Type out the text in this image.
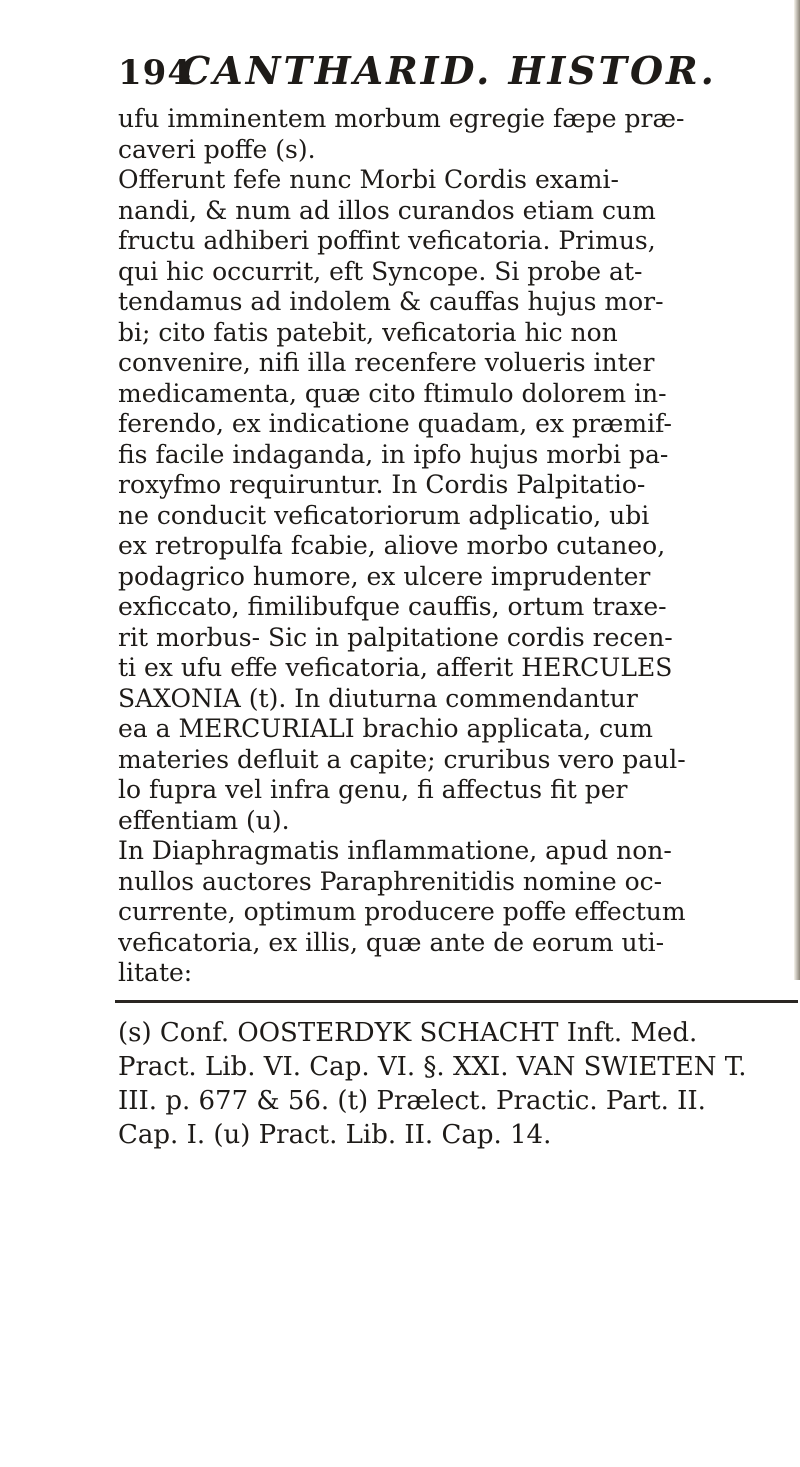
194CANTHARID. HISTOR.
ufu imminentem morbum egregie fæpe præ-
caveri poffe (s).
Offerunt fefe nunc Morbi Cordis exami-
nandi, & num ad illos curandos etiam cum
fructu adhiberi poffint veficatoria. Primus,
qui hic occurrit, eft Syncope. Si probe at-
tendamus ad indolem & cauffas hujus mor-
bi; cito fatis patebit, veficatoria hic non
convenire, nifi illa recenfere volueris inter
medicamenta, quæ cito ftimulo dolorem in-
ferendo, ex indicatione quadam, ex præmif-
fis facile indaganda, in ipfo hujus morbi pa-
roxyfmo requiruntur. In Cordis Palpitatio-
ne conducit veficatoriorum adplicatio, ubi
ex retropulfa fcabie, aliove morbo cutaneo,
podagrico humore, ex ulcere imprudenter
exficcato, fimilibufque cauffis, ortum traxe-
rit morbus- Sic in palpitatione cordis recen-
ti ex ufu effe veficatoria, afferit HERCULES
SAXONIA (t). In diuturna commendantur
ea a MERCURIALI brachio applicata, cum
materies defluit a capite; cruribus vero paul-
lo fupra vel infra genu, fi affectus fit per
effentiam (u).
In Diaphragmatis inflammatione, apud non-
nullos auctores Paraphrenitidis nomine oc-
currente, optimum producere poffe effectum
veficatoria, ex illis, quæ ante de eorum uti-
litate:
(s) Conf. OOSTERDYK SCHACHT Inft. Med.
Pract. Lib. VI. Cap. VI. §. XXI. VAN SWIETEN T.
III. p. 677 & 56. (t) Prælect. Practic. Part. II.
Cap. I. (u) Pract. Lib. II. Cap. 14.
